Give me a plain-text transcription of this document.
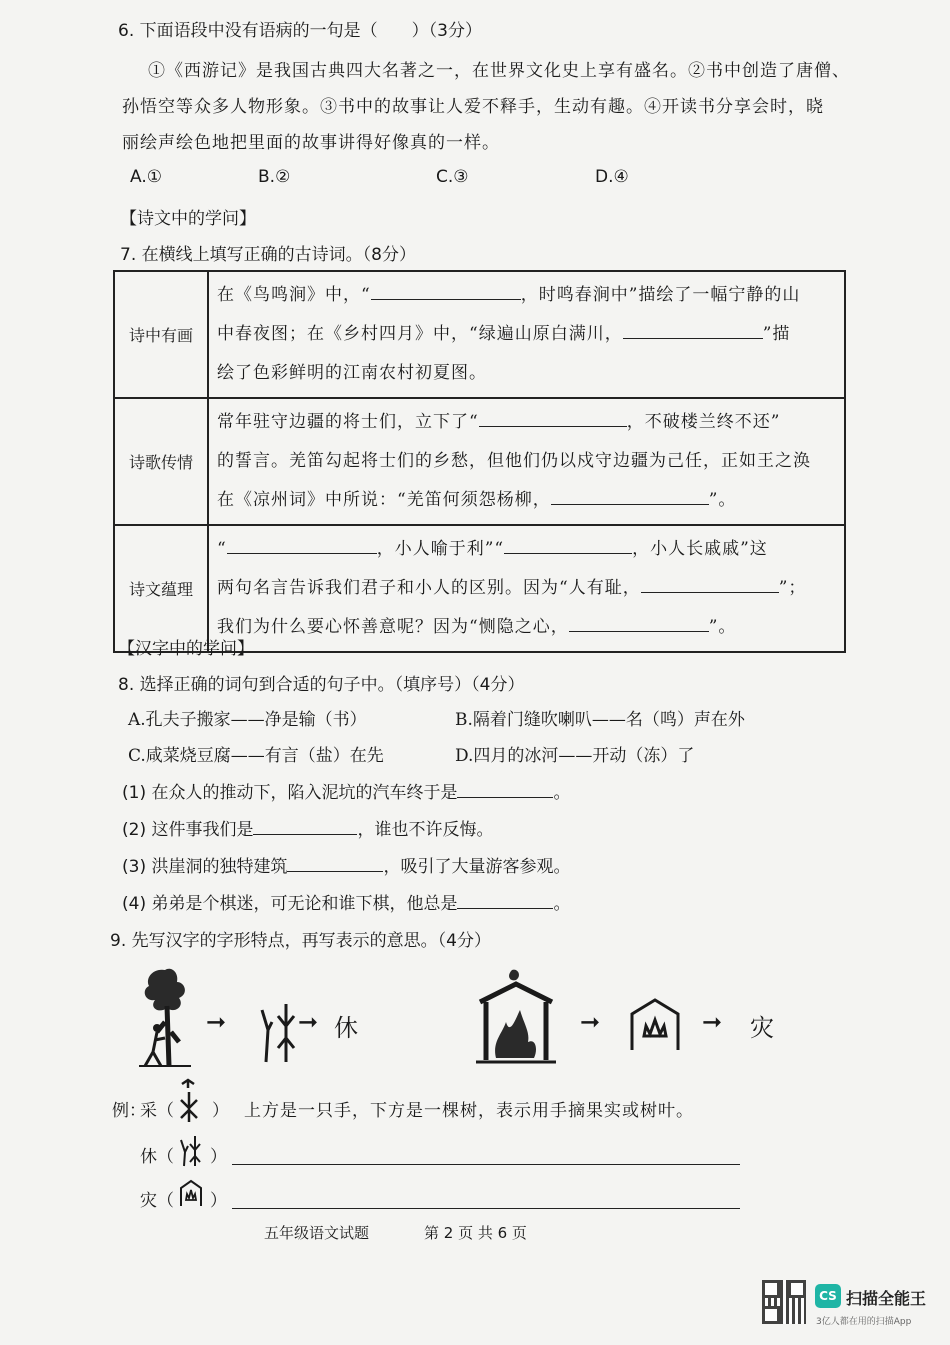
6. 下面语段中没有语病的一句是（　　）（3分）
①《西游记》是我国古典四大名著之一，在世界文化史上享有盛名。②书中创造了唐僧、
孙悟空等众多人物形象。③书中的故事让人爱不释手，生动有趣。④开读书分享会时，晓
丽绘声绘色地把里面的故事讲得好像真的一样。
A.①	B.②	C.③	D.④
【诗文中的学问】
7. 在横线上填写正确的古诗词。（8分）
诗中有画	在《鸟鸣涧》中，“ ，时鸣春涧中”描绘了一幅宁静的山
中春夜图；在《乡村四月》中，“绿遍山原白满川， ”描
绘了色彩鲜明的江南农村初夏图。

诗歌传情	常年驻守边疆的将士们，立下了“ ，不破楼兰终不还”
的誓言。羌笛勾起将士们的乡愁，但他们仍以戍守边疆为己任，正如王之涣
在《凉州词》中所说：“羌笛何须怨杨柳， ”。

诗文蕴理	“ ，小人喻于利”“ ，小人长戚戚”这
两句名言告诉我们君子和小人的区别。因为“人有耻， ”；
我们为什么要心怀善意呢？因为“恻隐之心， ”。
【汉字中的学问】
8. 选择正确的词句到合适的句子中。（填序号）（4分）
A.孔夫子搬家——净是输（书）	B.隔着门缝吹喇叭——名（鸣）声在外
C.咸菜烧豆腐——有言（盐）在先	D.四月的冰河——开动（冻）了
(1) 在众人的推动下，陷入泥坑的汽车终于是	。
(2) 这件事我们是	，谁也不许反悔。
(3) 洪崖洞的独特建筑	，吸引了大量游客参观。
(4) 弟弟是个棋迷，可无论和谁下棋，他总是	。
9. 先写汉字的字形特点，再写表示的意思。（4分）
➞	➞ 休	➞	➞ 灾
例：
采（ ） 上方是一只手，下方是一棵树，表示用手摘果实或树叶。
休（ ）
灾（ ）
五年级语文试题	第 2 页 共 6 页
CS 扫描全能王
3亿人都在用的扫描App
